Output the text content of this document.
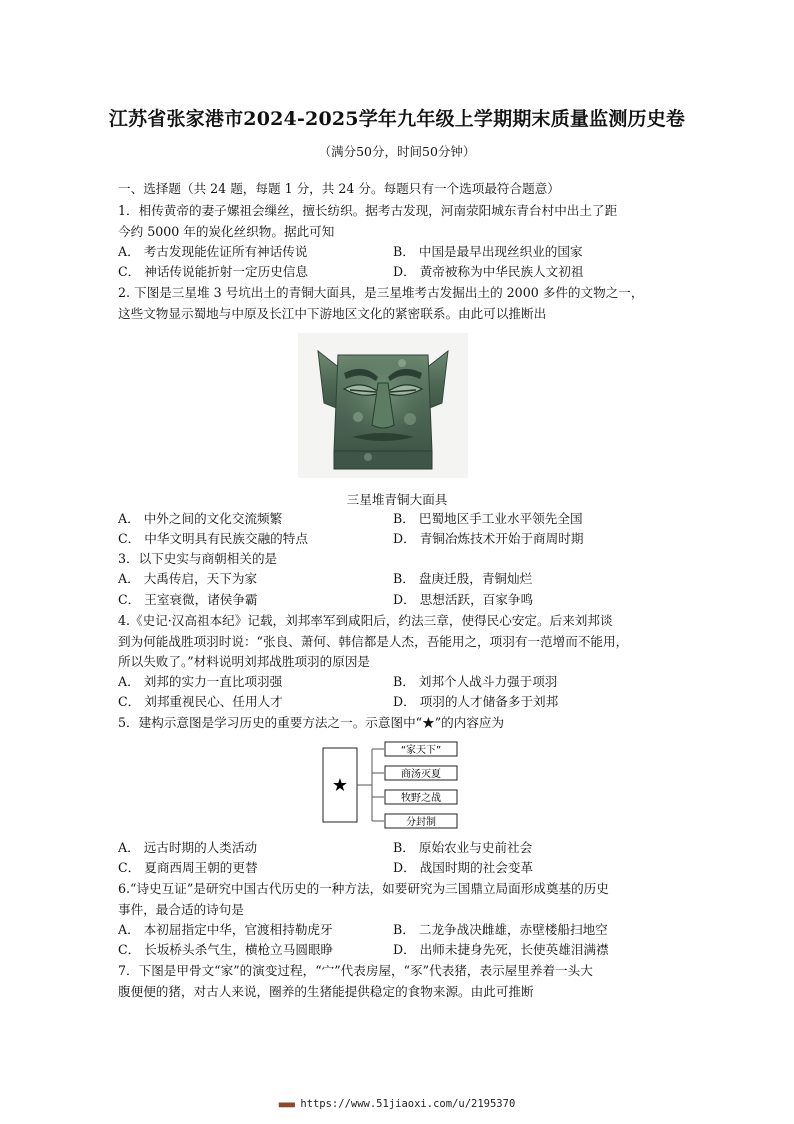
江苏省张家港市2024-2025学年九年级上学期期末质量监测历史卷
（满分50分，时间50分钟）
一、选择题（共 24 题，每题 1 分，共 24 分。每题只有一个选项最符合题意）
1．相传黄帝的妻子嫘祖会缫丝，擅长纺织。据考古发现，河南荥阳城东青台村中出土了距
今约 5000 年的炭化丝织物。据此可知
A． 考古发现能佐证所有神话传说	B． 中国是最早出现丝织业的国家
C． 神话传说能折射一定历史信息	D． 黄帝被称为中华民族人文初祖
2. 下图是三星堆 3 号坑出土的青铜大面具，是三星堆考古发掘出土的 2000 多件的文物之一，
这些文物显示蜀地与中原及长江中下游地区文化的紧密联系。由此可以推断出
三星堆青铜大面具
A． 中外之间的文化交流频繁	B． 巴蜀地区手工业水平领先全国
C． 中华文明具有民族交融的特点	D． 青铜冶炼技术开始于商周时期
3．以下史实与商朝相关的是
A． 大禹传启，天下为家	B． 盘庚迁殷，青铜灿烂
C． 王室衰微，诸侯争霸	D． 思想活跃，百家争鸣
4.《史记·汉高祖本纪》记载，刘邦率军到咸阳后，约法三章，使得民心安定。后来刘邦谈
到为何能战胜项羽时说：“张良、萧何、韩信都是人杰，吾能用之，项羽有一范增而不能用，
所以失败了。”材料说明刘邦战胜项羽的原因是
A． 刘邦的实力一直比项羽强	B． 刘邦个人战斗力强于项羽
C． 刘邦重视民心、任用人才	D． 项羽的人才储备多于刘邦
5．建构示意图是学习历史的重要方法之一。示意图中“★”的内容应为
★
“家天下”
商汤灭夏
牧野之战
分封制
A． 远古时期的人类活动	B． 原始农业与史前社会
C． 夏商西周王朝的更替	D． 战国时期的社会变革
6.“诗史互证”是研究中国古代历史的一种方法，如要研究为三国鼎立局面形成奠基的历史
事件，最合适的诗句是
A． 本初屈指定中华，官渡相持勒虎牙	B． 二龙争战决雌雄，赤壁楼船扫地空
C． 长坂桥头杀气生，横枪立马圆眼睁	D． 出师未捷身先死，长使英雄泪满襟
7．下图是甲骨文“家”的演变过程，“宀”代表房屋，“豕”代表猪，表示屋里养着一头大
腹便便的猪，对古人来说，圈养的生猪能提供稳定的食物来源。由此可推断
■■■■ https://www.51jiaoxi.com/u/2195370
